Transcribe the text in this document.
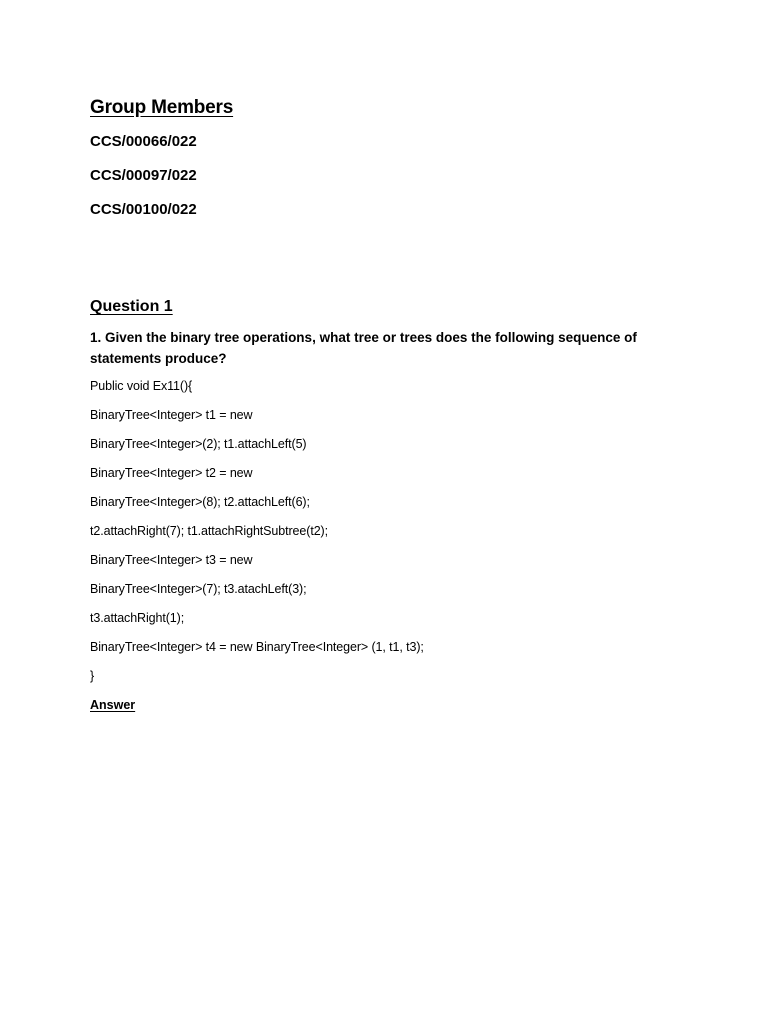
Group Members
CCS/00066/022
CCS/00097/022
CCS/00100/022
Question 1
1. Given the binary tree operations, what tree or trees does the following sequence of statements produce?
Public void Ex11(){
BinaryTree<Integer> t1 = new
BinaryTree<Integer>(2); t1.attachLeft(5)
BinaryTree<Integer> t2 = new
BinaryTree<Integer>(8); t2.attachLeft(6);
t2.attachRight(7); t1.attachRightSubtree(t2);
BinaryTree<Integer> t3 = new
BinaryTree<Integer>(7); t3.atachLeft(3);
t3.attachRight(1);
BinaryTree<Integer> t4 = new BinaryTree<Integer> (1, t1, t3);
}
Answer
